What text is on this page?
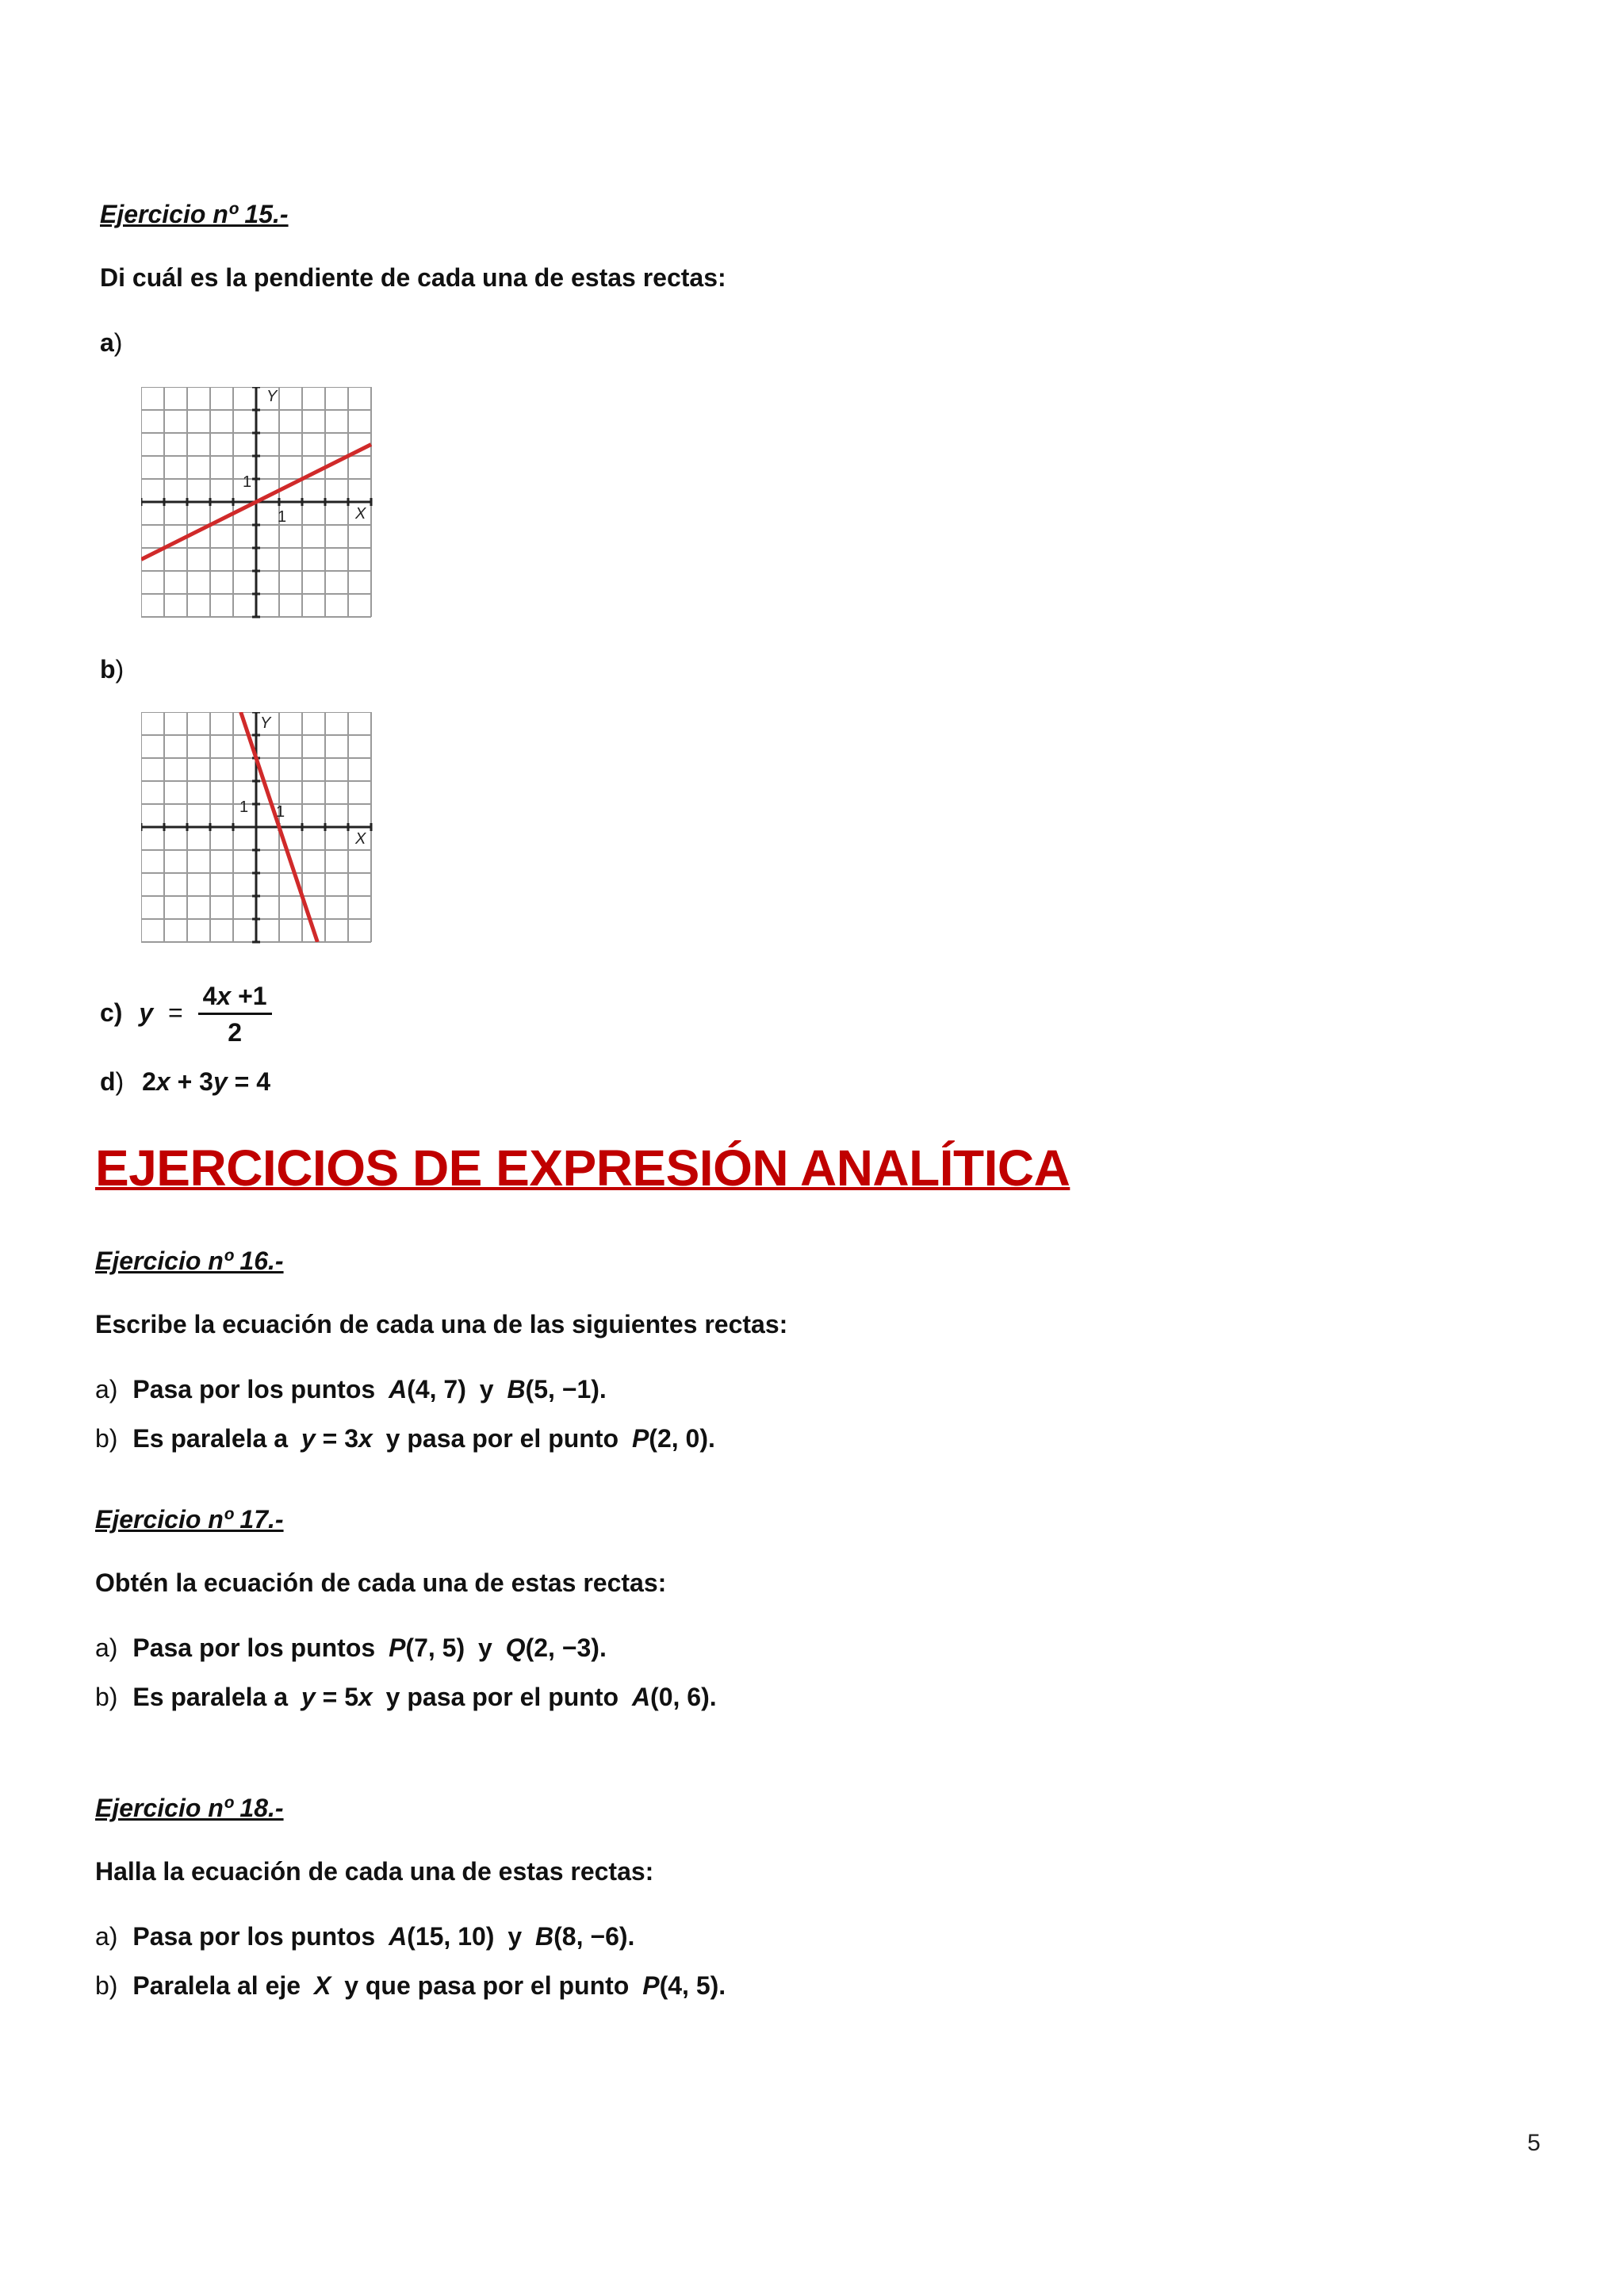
Ejercicio nº 15.-
Di cuál es la pendiente de cada una de estas rectas:
a)
Y
X
1
1
b)
Y
X
1 1
c) $y = \frac{4x +1}{2}$
d) 2x + 3y = 4
EJERCICIOS DE EXPRESIÓN ANALÍTICA
Ejercicio nº 16.-
Escribe la ecuación de cada una de las siguientes rectas:
a) Pasa por los puntos A(4, 7) y B(5, −1).
b) Es paralela a y = 3x y pasa por el punto P(2, 0).
Ejercicio nº 17.-
Obtén la ecuación de cada una de estas rectas:
a) Pasa por los puntos P(7, 5) y Q(2, −3).
b) Es paralela a y = 5x y pasa por el punto A(0, 6).
Ejercicio nº 18.-
Halla la ecuación de cada una de estas rectas:
a) Pasa por los puntos A(15, 10) y B(8, −6).
b) Paralela al eje X y que pasa por el punto P(4, 5).
5
